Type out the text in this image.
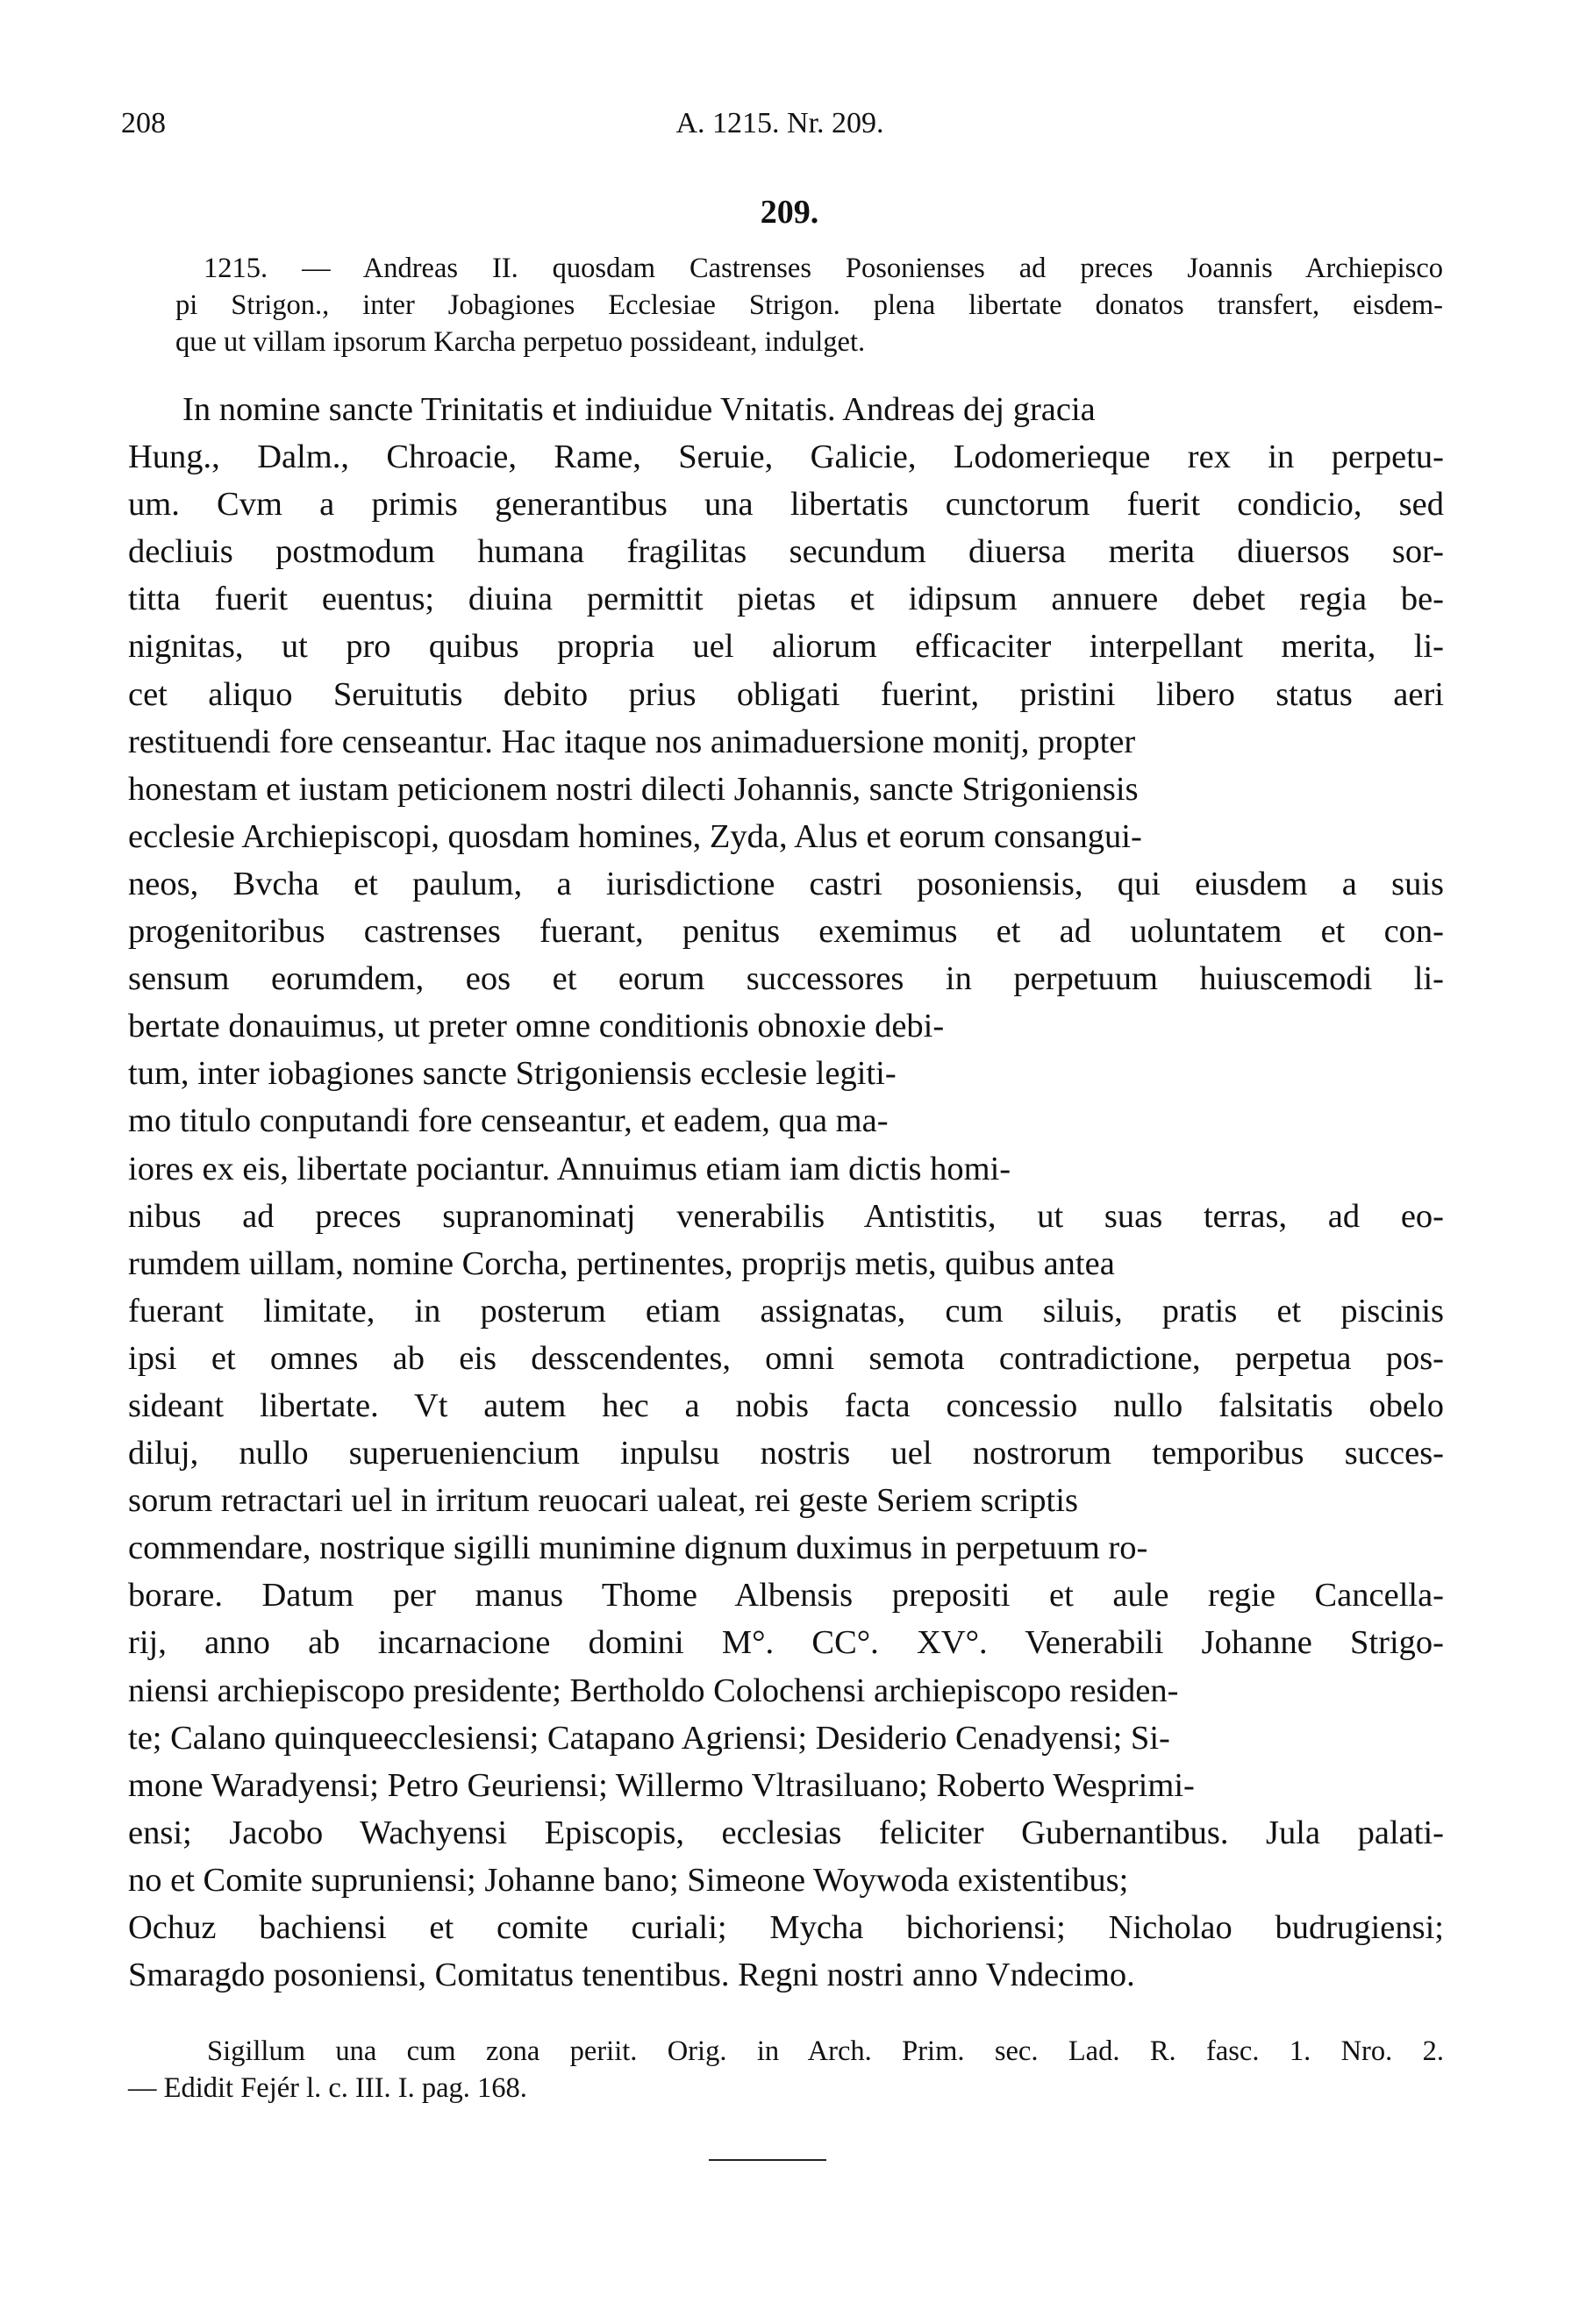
208	A. 1215. Nr. 209.
209.
1215. — Andreas II. quosdam Castrenses Posonienses ad preces Joannis Archiepisco
pi Strigon., inter Jobagiones Ecclesiae Strigon. plena libertate donatos transfert, eisdem-
que ut villam ipsorum Karcha perpetuo possideant, indulget.
In nomine sancte Trinitatis et indiuidue Vnitatis. Andreas dej gracia
Hung., Dalm., Chroacie, Rame, Seruie, Galicie, Lodomerieque rex in perpetu-
um. Cvm a primis generantibus una libertatis cunctorum fuerit condicio, sed
decliuis postmodum humana fragilitas secundum diuersa merita diuersos sor-
titta fuerit euentus; diuina permittit pietas et idipsum annuere debet regia be-
nignitas, ut pro quibus propria uel aliorum efficaciter interpellant merita, li-
cet aliquo Seruitutis debito prius obligati fuerint, pristini libero status aeri
restituendi fore censeantur. Hac itaque nos animaduersione monitj, propter
honestam et iustam peticionem nostri dilecti Johannis, sancte Strigoniensis
ecclesie Archiepiscopi, quosdam homines, Zyda, Alus et eorum consangui-
neos, Bvcha et paulum, a iurisdictione castri posoniensis, qui eiusdem a suis
progenitoribus castrenses fuerant, penitus exemimus et ad uoluntatem et con-
sensum eorumdem, eos et eorum successores in perpetuum huiuscemodi li-
bertate donauimus, ut preter omne conditionis obnoxie debi-
tum, inter iobagiones sancte Strigoniensis ecclesie legiti-
mo titulo conputandi fore censeantur, et eadem, qua ma-
iores ex eis, libertate pociantur. Annuimus etiam iam dictis homi-
nibus ad preces supranominatj venerabilis Antistitis, ut suas terras, ad eo-
rumdem uillam, nomine Corcha, pertinentes, proprijs metis, quibus antea
fuerant limitate, in posterum etiam assignatas, cum siluis, pratis et piscinis
ipsi et omnes ab eis desscendentes, omni semota contradictione, perpetua pos-
sideant libertate. Vt autem hec a nobis facta concessio nullo falsitatis obelo
diluj, nullo superueniencium inpulsu nostris uel nostrorum temporibus succes-
sorum retractari uel in irritum reuocari ualeat, rei geste Seriem scriptis
commendare, nostrique sigilli munimine dignum duximus in perpetuum ro-
borare. Datum per manus Thome Albensis prepositi et aule regie Cancella-
rij, anno ab incarnacione domini M°. CC°. XV°. Venerabili Johanne Strigo-
niensi archiepiscopo presidente; Bertholdo Colochensi archiepiscopo residen-
te; Calano quinqueecclesiensi; Catapano Agriensi; Desiderio Cenadyensi; Si-
mone Waradyensi; Petro Geuriensi; Willermo Vltrasiluano; Roberto Wesprimi-
ensi; Jacobo Wachyensi Episcopis, ecclesias feliciter Gubernantibus. Jula palati-
no et Comite supruniensi; Johanne bano; Simeone Woywoda existentibus;
Ochuz bachiensi et comite curiali; Mycha bichoriensi; Nicholao budrugiensi;
Smaragdo posoniensi, Comitatus tenentibus. Regni nostri anno Vndecimo.
Sigillum una cum zona periit. Orig. in Arch. Prim. sec. Lad. R. fasc. 1. Nro. 2.
— Edidit Fejér l. c. III. I. pag. 168.
